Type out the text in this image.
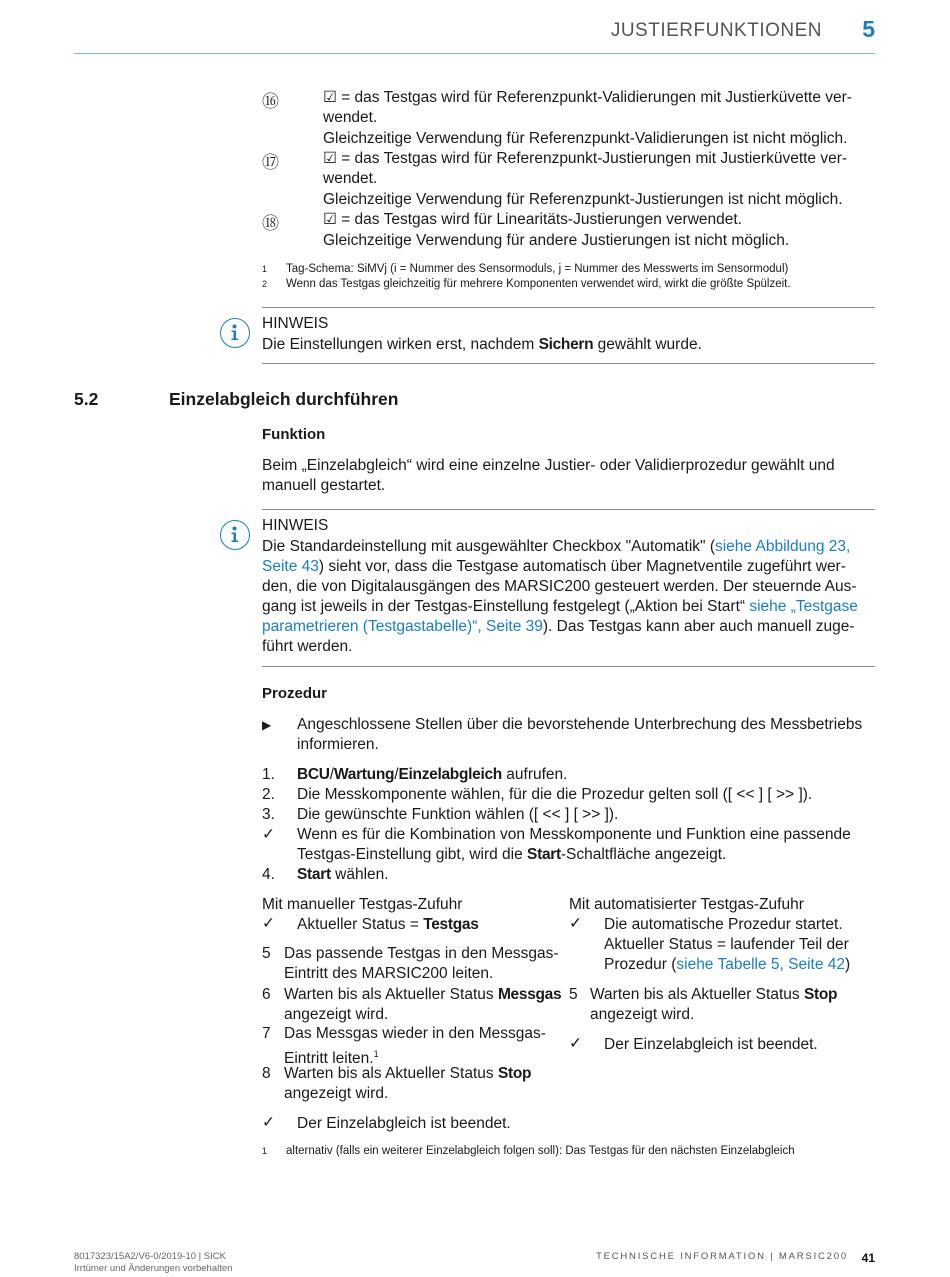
JUSTIERFUNKTIONEN 5
⑯	☑ = das Testgas wird für Referenzpunkt-Validierungen mit Justierküvette ver-
wendet.
Gleichzeitige Verwendung für Referenzpunkt-Validierungen ist nicht möglich.
⑰	☑ = das Testgas wird für Referenzpunkt-Justierungen mit Justierküvette ver-
wendet.
Gleichzeitige Verwendung für Referenzpunkt-Justierungen ist nicht möglich.
⑱	☑ = das Testgas wird für Linearitäts-Justierungen verwendet.
Gleichzeitige Verwendung für andere Justierungen ist nicht möglich.
1 Tag-Schema: SiMVj (i = Nummer des Sensormoduls, j = Nummer des Messwerts im Sensormodul)
2 Wenn das Testgas gleichzeitig für mehrere Komponenten verwendet wird, wirkt die größte Spülzeit.
HINWEIS
Die Einstellungen wirken erst, nachdem Sichern gewählt wurde.
5.2	Einzelabgleich durchführen
Funktion
Beim „Einzelabgleich“ wird eine einzelne Justier- oder Validierprozedur gewählt und
manuell gestartet.
HINWEIS
Die Standardeinstellung mit ausgewählter Checkbox "Automatik" (siehe Abbildung 23,
Seite 43) sieht vor, dass die Testgase automatisch über Magnetventile zugeführt wer-
den, die von Digitalausgängen des MARSIC200 gesteuert werden. Der steuernde Aus-
gang ist jeweils in der Testgas-Einstellung festgelegt („Aktion bei Start“ siehe „Testgase
parametrieren (Testgastabelle)“, Seite 39). Das Testgas kann aber auch manuell zuge-
führt werden.
Prozedur
▶ Angeschlossene Stellen über die bevorstehende Unterbrechung des Messbetriebs
informieren.
1. BCU/Wartung/Einzelabgleich aufrufen.
2. Die Messkomponente wählen, für die die Prozedur gelten soll ([ << ] [ >> ]).
3. Die gewünschte Funktion wählen ([ << ] [ >> ]).
✓ Wenn es für die Kombination von Messkomponente und Funktion eine passende
Testgas-Einstellung gibt, wird die Start-Schaltfläche angezeigt.
4. Start wählen.
Mit manueller Testgas-Zufuhr
✓ Aktueller Status = Testgas
5 Das passende Testgas in den Messgas-
Eintritt des MARSIC200 leiten.
6 Warten bis als Aktueller Status Messgas
angezeigt wird.
7 Das Messgas wieder in den Messgas-
Eintritt leiten.$^1$
8 Warten bis als Aktueller Status Stop
angezeigt wird.
Mit automatisierter Testgas-Zufuhr
✓ Die automatische Prozedur startet.
Aktueller Status = laufender Teil der
Prozedur (siehe Tabelle 5, Seite 42)
5 Warten bis als Aktueller Status Stop
angezeigt wird.
✓ Der Einzelabgleich ist beendet.
✓ Der Einzelabgleich ist beendet.
1 alternativ (falls ein weiterer Einzelabgleich folgen soll): Das Testgas für den nächsten Einzelabgleich
8017323/15A2/V6-0/2019-10 | SICK
Irrtümer und Änderungen vorbehalten
TECHNISCHE INFORMATION | MARSIC200 41
